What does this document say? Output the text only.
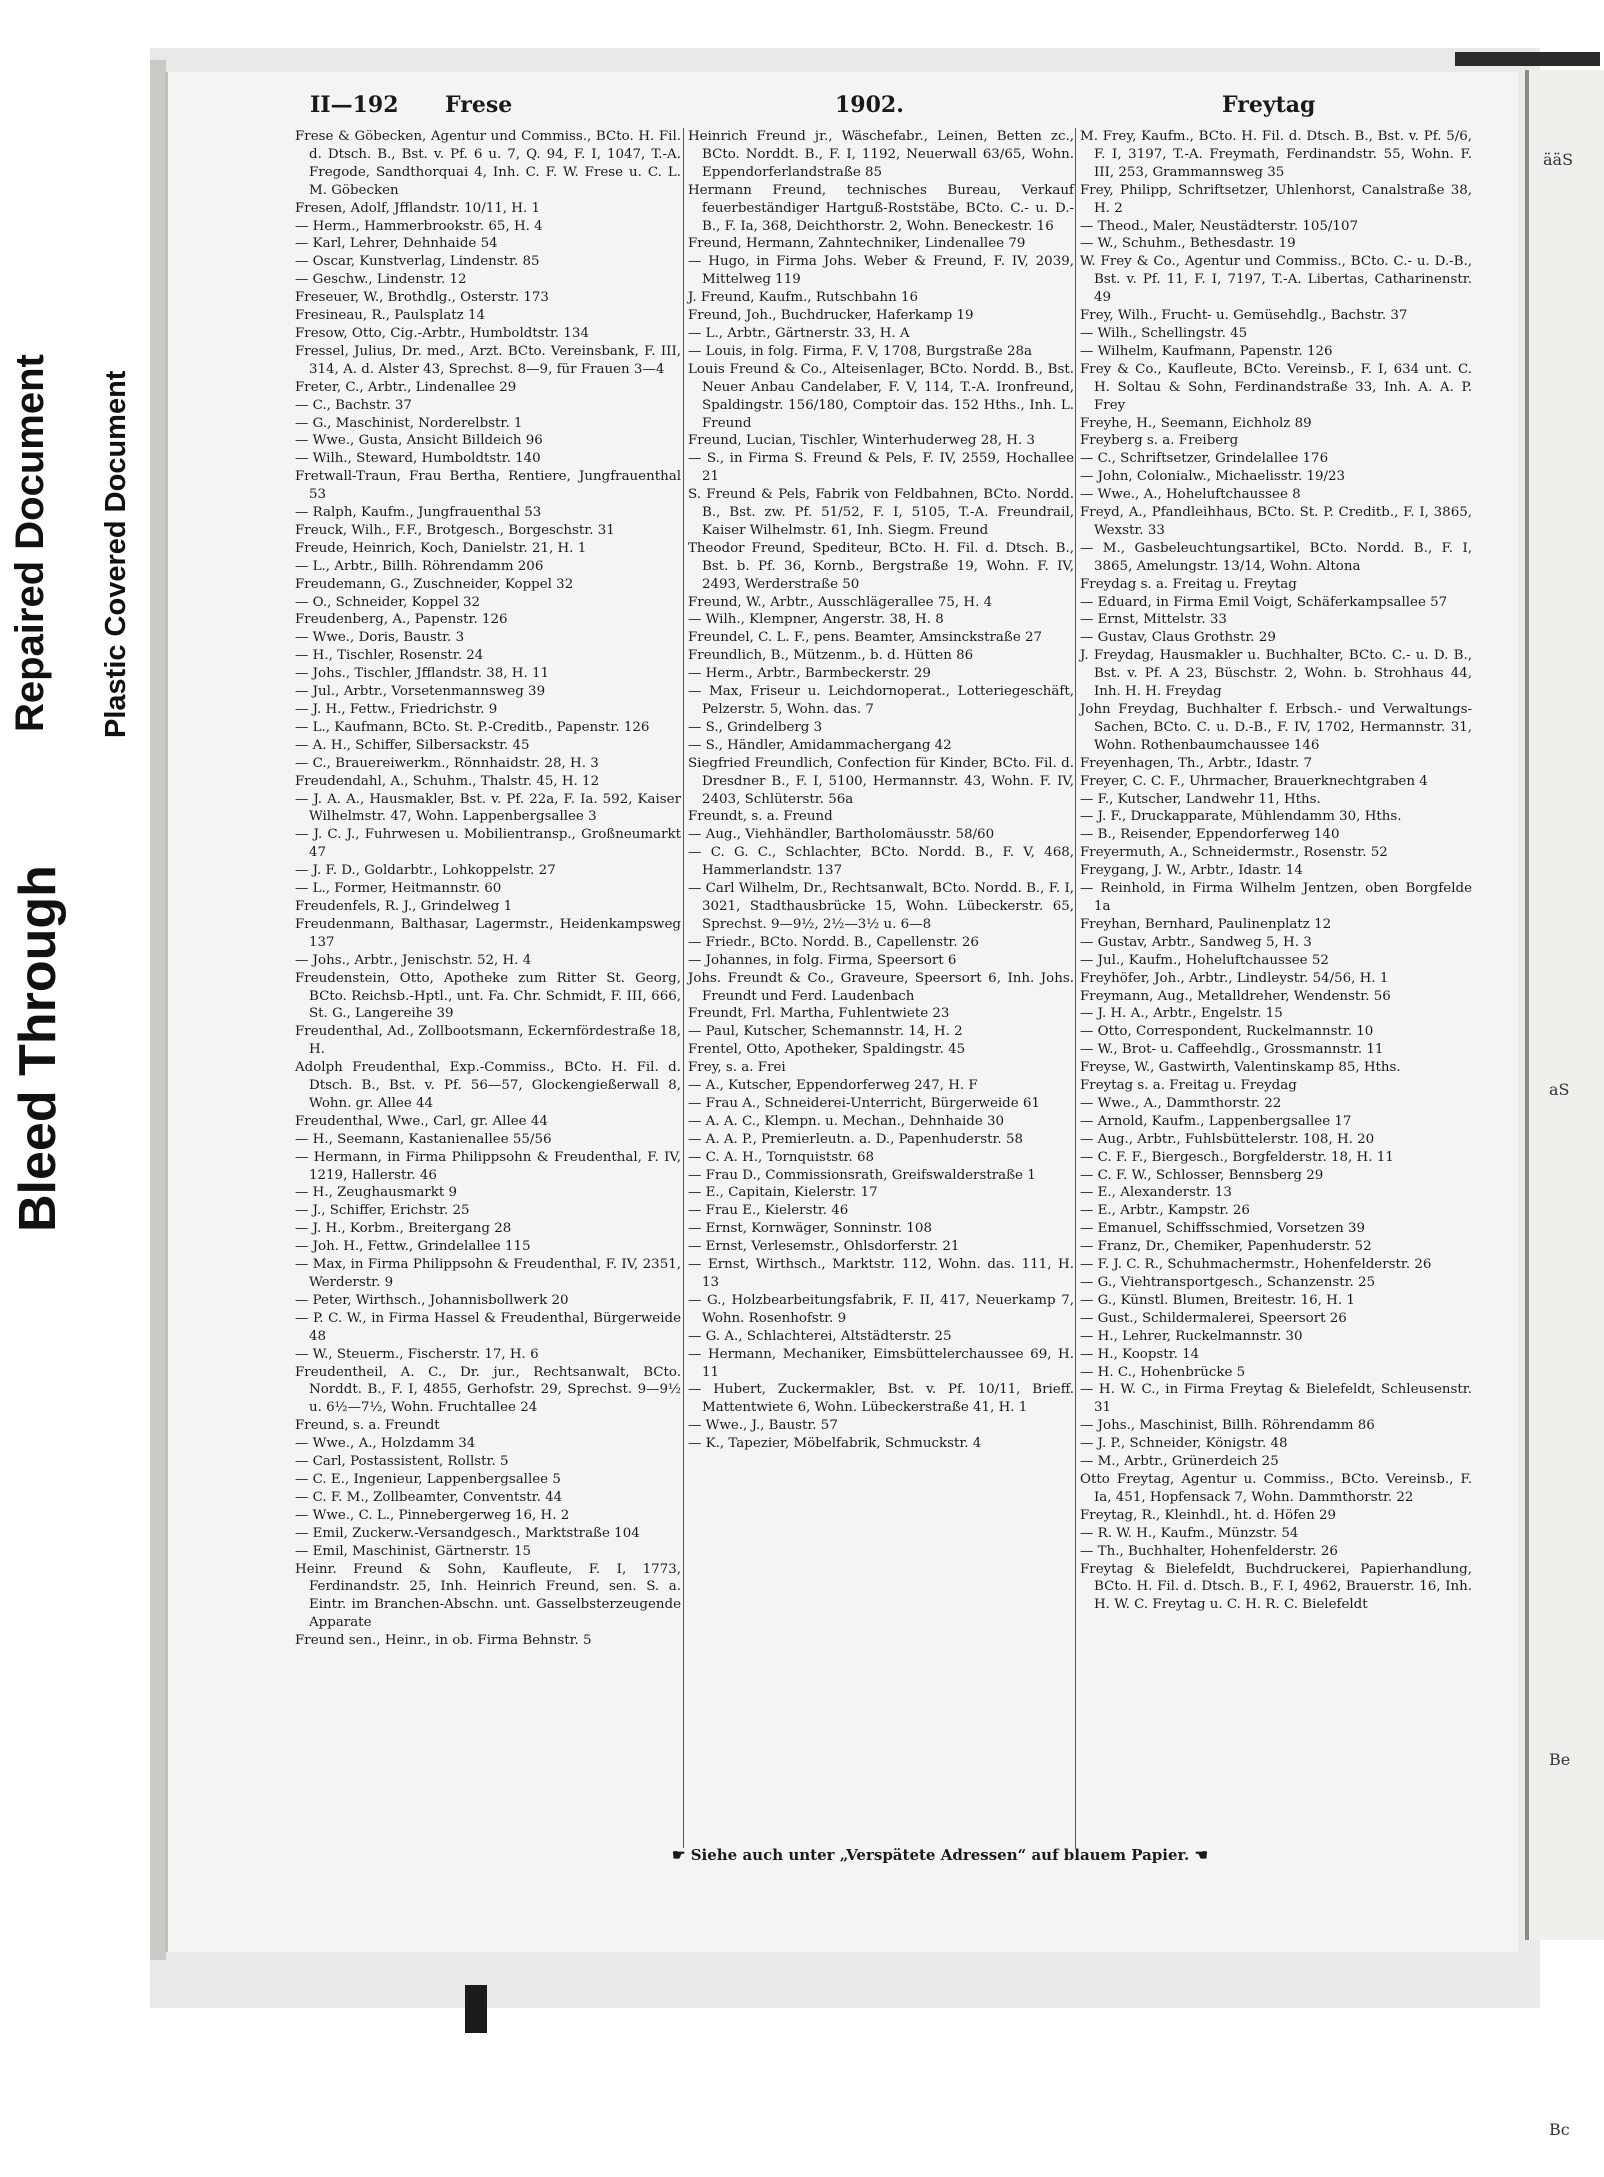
ääS
aS
Be
Bc
Bleed Through
Repaired Document Plastic Covered Document
II—192 Frese	1902.	Freytag

Frese & Göbecken, Agentur und Commiss., BCto. H. Fil. d. Dtsch. B., Bst. v. Pf. 6 u. 7, Q. 94, F. I, 1047, T.-A. Fregode, Sandthorquai 4, Inh. C. F. W. Frese u. C. L. M. Göbecken

Fresen, Adolf, Jfflandstr. 10/11, H. 1

— Herm., Hammerbrookstr. 65, H. 4

— Karl, Lehrer, Dehnhaide 54

— Oscar, Kunstverlag, Lindenstr. 85

— Geschw., Lindenstr. 12

Freseuer, W., Brothdlg., Osterstr. 173

Fresineau, R., Paulsplatz 14

Fresow, Otto, Cig.-Arbtr., Humboldtstr. 134

Fressel, Julius, Dr. med., Arzt. BCto. Vereinsbank, F. III, 314, A. d. Alster 43, Sprechst. 8—9, für Frauen 3—4

Freter, C., Arbtr., Lindenallee 29

— C., Bachstr. 37

— G., Maschinist, Norderelbstr. 1

— Wwe., Gusta, Ansicht Billdeich 96

— Wilh., Steward, Humboldtstr. 140

Fretwall-Traun, Frau Bertha, Rentiere, Jungfrauenthal 53

— Ralph, Kaufm., Jungfrauenthal 53

Freuck, Wilh., F.F., Brotgesch., Borgeschstr. 31

Freude, Heinrich, Koch, Danielstr. 21, H. 1

— L., Arbtr., Billh. Röhrendamm 206

Freudemann, G., Zuschneider, Koppel 32

— O., Schneider, Koppel 32

Freudenberg, A., Papenstr. 126

— Wwe., Doris, Baustr. 3

— H., Tischler, Rosenstr. 24

— Johs., Tischler, Jfflandstr. 38, H. 11

— Jul., Arbtr., Vorsetenmannsweg 39

— J. H., Fettw., Friedrichstr. 9

— L., Kaufmann, BCto. St. P.-Creditb., Papenstr. 126

— A. H., Schiffer, Silbersackstr. 45

— C., Brauereiwerkm., Rönnhaidstr. 28, H. 3

Freudendahl, A., Schuhm., Thalstr. 45, H. 12

— J. A. A., Hausmakler, Bst. v. Pf. 22a, F. Ia. 592, Kaiser Wilhelmstr. 47, Wohn. Lappenbergsallee 3

— J. C. J., Fuhrwesen u. Mobilientransp., Großneumarkt 47

— J. F. D., Goldarbtr., Lohkoppelstr. 27

— L., Former, Heitmannstr. 60

Freudenfels, R. J., Grindelweg 1

Freudenmann, Balthasar, Lagermstr., Heidenkampsweg 137

— Johs., Arbtr., Jenischstr. 52, H. 4

Freudenstein, Otto, Apotheke zum Ritter St. Georg, BCto. Reichsb.-Hptl., unt. Fa. Chr. Schmidt, F. III, 666, St. G., Langereihe 39

Freudenthal, Ad., Zollbootsmann, Eckernfördestraße 18, H.

Adolph Freudenthal, Exp.-Commiss., BCto. H. Fil. d. Dtsch. B., Bst. v. Pf. 56—57, Glockengießerwall 8, Wohn. gr. Allee 44

Freudenthal, Wwe., Carl, gr. Allee 44

— H., Seemann, Kastanienallee 55/56

— Hermann, in Firma Philippsohn & Freudenthal, F. IV, 1219, Hallerstr. 46

— H., Zeughausmarkt 9

— J., Schiffer, Erichstr. 25

— J. H., Korbm., Breitergang 28

— Joh. H., Fettw., Grindelallee 115

— Max, in Firma Philippsohn & Freudenthal, F. IV, 2351, Werderstr. 9

— Peter, Wirthsch., Johannisbollwerk 20

— P. C. W., in Firma Hassel & Freudenthal, Bürgerweide 48

— W., Steuerm., Fischerstr. 17, H. 6

Freudentheil, A. C., Dr. jur., Rechtsanwalt, BCto. Norddt. B., F. I, 4855, Gerhofstr. 29, Sprechst. 9—9½ u. 6½—7½, Wohn. Fruchtallee 24

Freund, s. a. Freundt

— Wwe., A., Holzdamm 34

— Carl, Postassistent, Rollstr. 5

— C. E., Ingenieur, Lappenbergsallee 5

— C. F. M., Zollbeamter, Conventstr. 44

— Wwe., C. L., Pinnebergerweg 16, H. 2

— Emil, Zuckerw.-Versandgesch., Marktstraße 104

— Emil, Maschinist, Gärtnerstr. 15

Heinr. Freund & Sohn, Kaufleute, F. I, 1773, Ferdinandstr. 25, Inh. Heinrich Freund, sen. S. a. Eintr. im Branchen-Abschn. unt. Gasselbsterzeugende Apparate

Freund sen., Heinr., in ob. Firma Behnstr. 5

Heinrich Freund jr., Wäschefabr., Leinen, Betten zc., BCto. Norddt. B., F. I, 1192, Neuerwall 63/65, Wohn. Eppendorferlandstraße 85

Hermann Freund, technisches Bureau, Verkauf feuerbeständiger Hartguß-Roststäbe, BCto. C.- u. D.-B., F. Ia, 368, Deichthorstr. 2, Wohn. Beneckestr. 16

Freund, Hermann, Zahntechniker, Lindenallee 79

— Hugo, in Firma Johs. Weber & Freund, F. IV, 2039, Mittelweg 119

J. Freund, Kaufm., Rutschbahn 16

Freund, Joh., Buchdrucker, Haferkamp 19

— L., Arbtr., Gärtnerstr. 33, H. A

— Louis, in folg. Firma, F. V, 1708, Burgstraße 28a

Louis Freund & Co., Alteisenlager, BCto. Nordd. B., Bst. Neuer Anbau Candelaber, F. V, 114, T.-A. Ironfreund, Spaldingstr. 156/180, Comptoir das. 152 Hths., Inh. L. Freund

Freund, Lucian, Tischler, Winterhuderweg 28, H. 3

— S., in Firma S. Freund & Pels, F. IV, 2559, Hochallee 21

S. Freund & Pels, Fabrik von Feldbahnen, BCto. Nordd. B., Bst. zw. Pf. 51/52, F. I, 5105, T.-A. Freundrail, Kaiser Wilhelmstr. 61, Inh. Siegm. Freund

Theodor Freund, Spediteur, BCto. H. Fil. d. Dtsch. B., Bst. b. Pf. 36, Kornb., Bergstraße 19, Wohn. F. IV, 2493, Werderstraße 50

Freund, W., Arbtr., Ausschlägerallee 75, H. 4

— Wilh., Klempner, Angerstr. 38, H. 8

Freundel, C. L. F., pens. Beamter, Amsinckstraße 27

Freundlich, B., Mützenm., b. d. Hütten 86

— Herm., Arbtr., Barmbeckerstr. 29

— Max, Friseur u. Leichdornoperat., Lotteriegeschäft, Pelzerstr. 5, Wohn. das. 7

— S., Grindelberg 3

— S., Händler, Amidammachergang 42

Siegfried Freundlich, Confection für Kinder, BCto. Fil. d. Dresdner B., F. I, 5100, Hermannstr. 43, Wohn. F. IV, 2403, Schlüterstr. 56a

Freundt, s. a. Freund

— Aug., Viehhändler, Bartholomäusstr. 58/60

— C. G. C., Schlachter, BCto. Nordd. B., F. V, 468, Hammerlandstr. 137

— Carl Wilhelm, Dr., Rechtsanwalt, BCto. Nordd. B., F. I, 3021, Stadthausbrücke 15, Wohn. Lübeckerstr. 65, Sprechst. 9—9½, 2½—3½ u. 6—8

— Friedr., BCto. Nordd. B., Capellenstr. 26

— Johannes, in folg. Firma, Speersort 6

Johs. Freundt & Co., Graveure, Speersort 6, Inh. Johs. Freundt und Ferd. Laudenbach

Freundt, Frl. Martha, Fuhlentwiete 23

— Paul, Kutscher, Schemannstr. 14, H. 2

Frentel, Otto, Apotheker, Spaldingstr. 45

Frey, s. a. Frei

— A., Kutscher, Eppendorferweg 247, H. F

— Frau A., Schneiderei-Unterricht, Bürgerweide 61

— A. A. C., Klempn. u. Mechan., Dehnhaide 30

— A. A. P., Premierleutn. a. D., Papenhuderstr. 58

— C. A. H., Tornquiststr. 68

— Frau D., Commissionsrath, Greifswalderstraße 1

— E., Capitain, Kielerstr. 17

— Frau E., Kielerstr. 46

— Ernst, Kornwäger, Sonninstr. 108

— Ernst, Verlesemstr., Ohlsdorferstr. 21

— Ernst, Wirthsch., Marktstr. 112, Wohn. das. 111, H. 13

— G., Holzbearbeitungsfabrik, F. II, 417, Neuerkamp 7, Wohn. Rosenhofstr. 9

— G. A., Schlachterei, Altstädterstr. 25

— Hermann, Mechaniker, Eimsbüttelerchaussee 69, H. 11

— Hubert, Zuckermakler, Bst. v. Pf. 10/11, Brieff. Mattentwiete 6, Wohn. Lübeckerstraße 41, H. 1

— Wwe., J., Baustr. 57

— K., Tapezier, Möbelfabrik, Schmuckstr. 4

M. Frey, Kaufm., BCto. H. Fil. d. Dtsch. B., Bst. v. Pf. 5/6, F. I, 3197, T.-A. Freymath, Ferdinandstr. 55, Wohn. F. III, 253, Grammannsweg 35

Frey, Philipp, Schriftsetzer, Uhlenhorst, Canalstraße 38, H. 2

— Theod., Maler, Neustädterstr. 105/107

— W., Schuhm., Bethesdastr. 19

W. Frey & Co., Agentur und Commiss., BCto. C.- u. D.-B., Bst. v. Pf. 11, F. I, 7197, T.-A. Libertas, Catharinenstr. 49

Frey, Wilh., Frucht- u. Gemüsehdlg., Bachstr. 37

— Wilh., Schellingstr. 45

— Wilhelm, Kaufmann, Papenstr. 126

Frey & Co., Kaufleute, BCto. Vereinsb., F. I, 634 unt. C. H. Soltau & Sohn, Ferdinandstraße 33, Inh. A. A. P. Frey

Freyhe, H., Seemann, Eichholz 89

Freyberg s. a. Freiberg

— C., Schriftsetzer, Grindelallee 176

— John, Colonialw., Michaelisstr. 19/23

— Wwe., A., Hoheluftchaussee 8

Freyd, A., Pfandleihhaus, BCto. St. P. Creditb., F. I, 3865, Wexstr. 33

— M., Gasbeleuchtungsartikel, BCto. Nordd. B., F. I, 3865, Amelungstr. 13/14, Wohn. Altona

Freydag s. a. Freitag u. Freytag

— Eduard, in Firma Emil Voigt, Schäferkampsallee 57

— Ernst, Mittelstr. 33

— Gustav, Claus Grothstr. 29

J. Freydag, Hausmakler u. Buchhalter, BCto. C.- u. D. B., Bst. v. Pf. A 23, Büschstr. 2, Wohn. b. Strohhaus 44, Inh. H. H. Freydag

John Freydag, Buchhalter f. Erbsch.- und Verwaltungs-Sachen, BCto. C. u. D.-B., F. IV, 1702, Hermannstr. 31, Wohn. Rothenbaumchaussee 146

Freyenhagen, Th., Arbtr., Idastr. 7

Freyer, C. C. F., Uhrmacher, Brauerknechtgraben 4

— F., Kutscher, Landwehr 11, Hths.

— J. F., Druckapparate, Mühlendamm 30, Hths.

— B., Reisender, Eppendorferweg 140

Freyermuth, A., Schneidermstr., Rosenstr. 52

Freygang, J. W., Arbtr., Idastr. 14

— Reinhold, in Firma Wilhelm Jentzen, oben Borgfelde 1a

Freyhan, Bernhard, Paulinenplatz 12

— Gustav, Arbtr., Sandweg 5, H. 3

— Jul., Kaufm., Hoheluftchaussee 52

Freyhöfer, Joh., Arbtr., Lindleystr. 54/56, H. 1

Freymann, Aug., Metalldreher, Wendenstr. 56

— J. H. A., Arbtr., Engelstr. 15

— Otto, Correspondent, Ruckelmannstr. 10

— W., Brot- u. Caffeehdlg., Grossmannstr. 11

Freyse, W., Gastwirth, Valentinskamp 85, Hths.

Freytag s. a. Freitag u. Freydag

— Wwe., A., Dammthorstr. 22

— Arnold, Kaufm., Lappenbergsallee 17

— Aug., Arbtr., Fuhlsbüttelerstr. 108, H. 20

— C. F. F., Biergesch., Borgfelderstr. 18, H. 11

— C. F. W., Schlosser, Bennsberg 29

— E., Alexanderstr. 13

— E., Arbtr., Kampstr. 26

— Emanuel, Schiffsschmied, Vorsetzen 39

— Franz, Dr., Chemiker, Papenhuderstr. 52

— F. J. C. R., Schuhmachermstr., Hohenfelderstr. 26

— G., Viehtransportgesch., Schanzenstr. 25

— G., Künstl. Blumen, Breitestr. 16, H. 1

— Gust., Schildermalerei, Speersort 26

— H., Lehrer, Ruckelmannstr. 30

— H., Koopstr. 14

— H. C., Hohenbrücke 5

— H. W. C., in Firma Freytag & Bielefeldt, Schleusenstr. 31

— Johs., Maschinist, Billh. Röhrendamm 86

— J. P., Schneider, Königstr. 48

— M., Arbtr., Grünerdeich 25

Otto Freytag, Agentur u. Commiss., BCto. Vereinsb., F. Ia, 451, Hopfensack 7, Wohn. Dammthorstr. 22

Freytag, R., Kleinhdl., ht. d. Höfen 29

— R. W. H., Kaufm., Münzstr. 54

— Th., Buchhalter, Hohenfelderstr. 26

Freytag & Bielefeldt, Buchdruckerei, Papierhandlung, BCto. H. Fil. d. Dtsch. B., F. I, 4962, Brauerstr. 16, Inh. H. W. C. Freytag u. C. H. R. C. Bielefeldt

☛ Siehe auch unter „Verspätete Adressen“ auf blauem Papier. ☚
